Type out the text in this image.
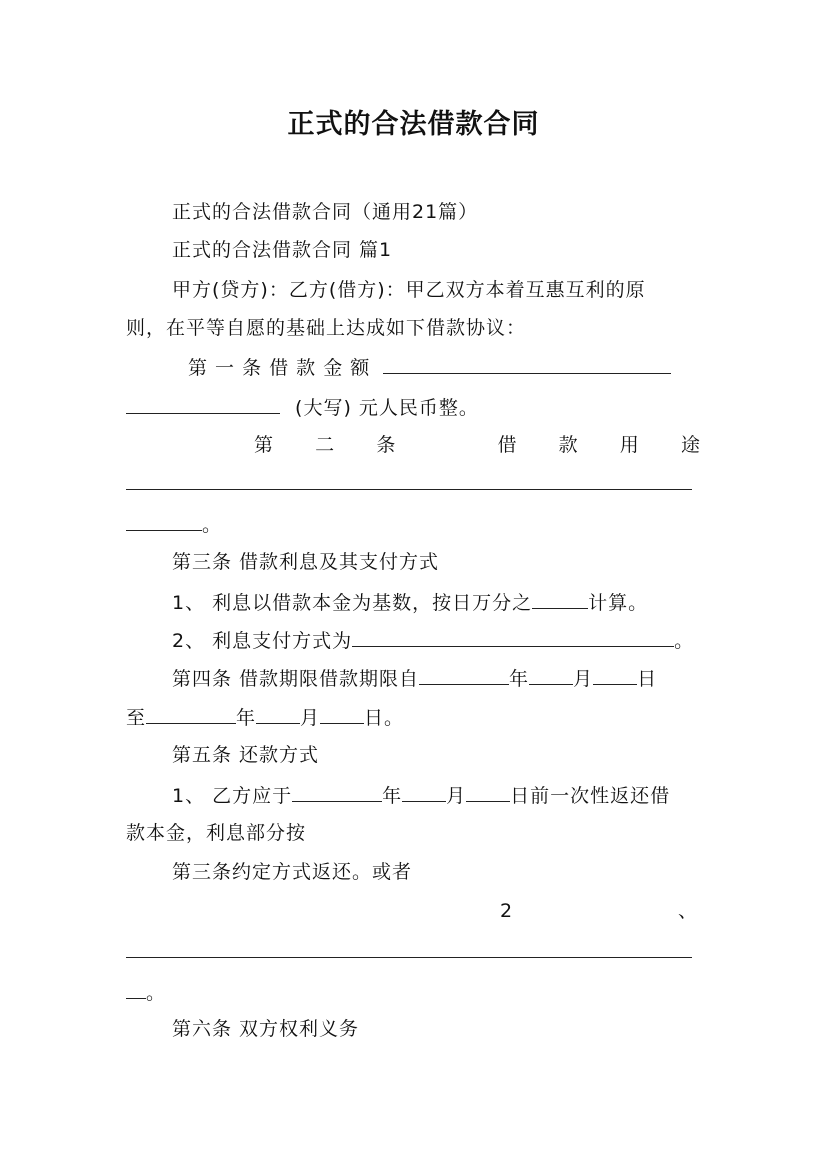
正式的合法借款合同
正式的合法借款合同（通用21篇）
正式的合法借款合同 篇1
甲方(贷方)：乙方(借方)：甲乙双方本着互惠互利的原
则，在平等自愿的基础上达成如下借款协议：
第 一 条 借 款 金 额
(大写) 元人民币整。
第 二 条	借 款 用 途
。
第三条 借款利息及其支付方式
1、 利息以借款本金为基数，按日万分之	计算。
2、 利息支付方式为	。
第四条 借款期限借款期限自	年 月 日
至	年 月 日。
第五条 还款方式
1、 乙方应于	年 月 日前一次性返还借
款本金，利息部分按
第三条约定方式返还。或者
2	、
。
第六条 双方权利义务
